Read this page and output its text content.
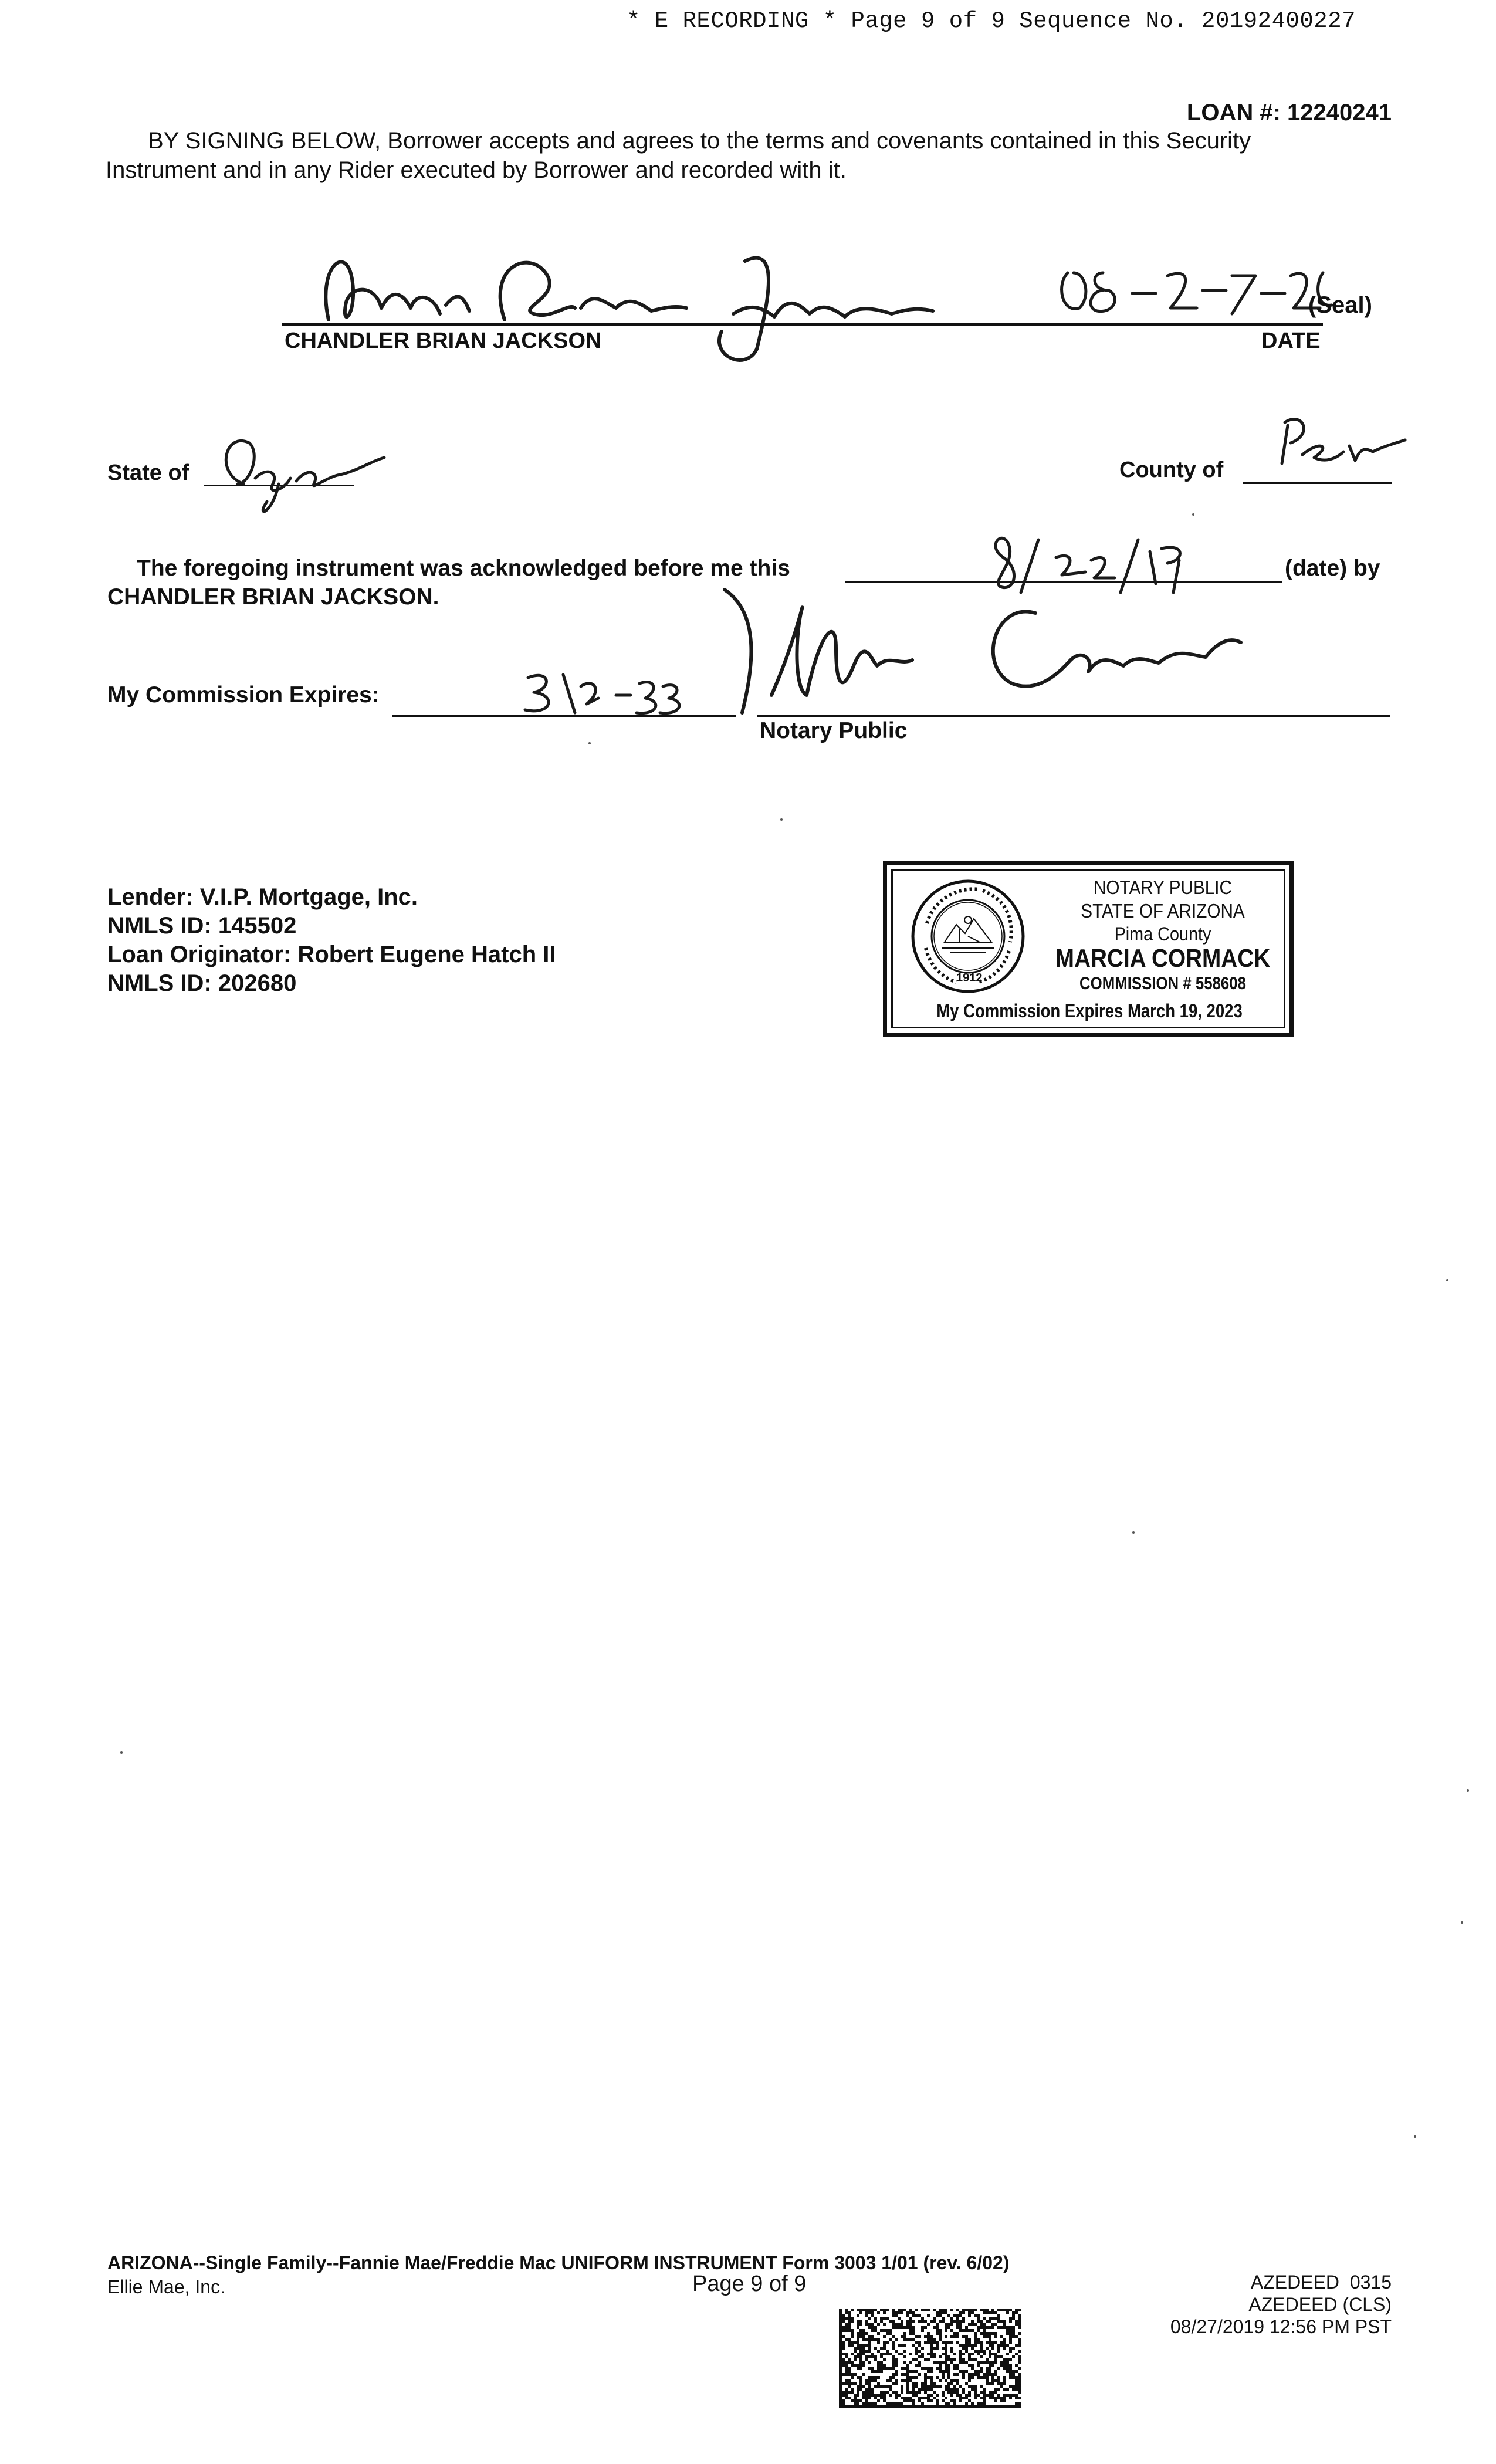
* E RECORDING * Page 9 of 9 Sequence No. 20192400227
LOAN #: 12240241
BY SIGNING BELOW, Borrower accepts and agrees to the terms and covenants contained in this Security
Instrument and in any Rider executed by Borrower and recorded with it.
(Seal)
CHANDLER BRIAN JACKSON	DATE
State of	County of
The foregoing instrument was acknowledged before me this	(date) by
CHANDLER BRIAN JACKSON.
My Commission Expires:
Notary Public
Lender: V.I.P. Mortgage, Inc.
NMLS ID: 145502
Loan Originator: Robert Eugene Hatch II
NMLS ID: 202680	1912
NOTARY PUBLIC
STATE OF ARIZONA
Pima County
MARCIA CORMACK
COMMISSION # 558608
My Commission Expires March 19, 2023
ARIZONA--Single Family--Fannie Mae/Freddie Mac UNIFORM INSTRUMENT Form 3003 1/01 (rev. 6/02)
Ellie Mae, Inc.	Page 9 of 9	AZEDEED  0315
AZEDEED (CLS)
08/27/2019 12:56 PM PST
